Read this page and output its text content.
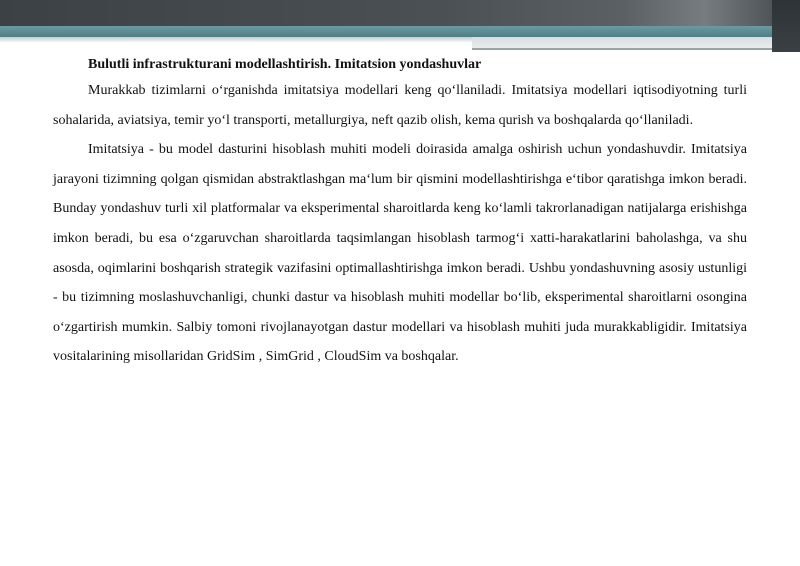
Bulutli infrastrukturani modellashtirish. Imitatsion yondashuvlar

Murakkab tizimlarni oʻrganishda imitatsiya modellari keng qoʻllaniladi. Imitatsiya modellari iqtisodiyotning turli sohalarida, aviatsiya, temir yoʻl transporti, metallurgiya, neft qazib olish, kema qurish va boshqalarda qoʻllaniladi.

Imitatsiya - bu model dasturini hisoblash muhiti modeli doirasida amalga oshirish uchun yondashuvdir. Imitatsiya jarayoni tizimning qolgan qismidan abstraktlashgan maʻlum bir qismini modellashtirishga eʻtibor qaratishga imkon beradi. Bunday yondashuv turli xil platformalar va eksperimental sharoitlarda keng koʻlamli takrorlanadigan natijalarga erishishga imkon beradi, bu esa oʻzgaruvchan sharoitlarda taqsimlangan hisoblash tarmogʻi xatti-harakatlarini baholashga, va shu asosda, oqimlarini boshqarish strategik vazifasini optimallashtirishga imkon beradi. Ushbu yondashuvning asosiy ustunligi - bu tizimning moslashuvchanligi, chunki dastur va hisoblash muhiti modellar boʻlib, eksperimental sharoitlarni osongina oʻzgartirish mumkin. Salbiy tomoni rivojlanayotgan dastur modellari va hisoblash muhiti juda murakkabligidir. Imitatsiya vositalarining misollaridan GridSim , SimGrid , CloudSim va boshqalar.
